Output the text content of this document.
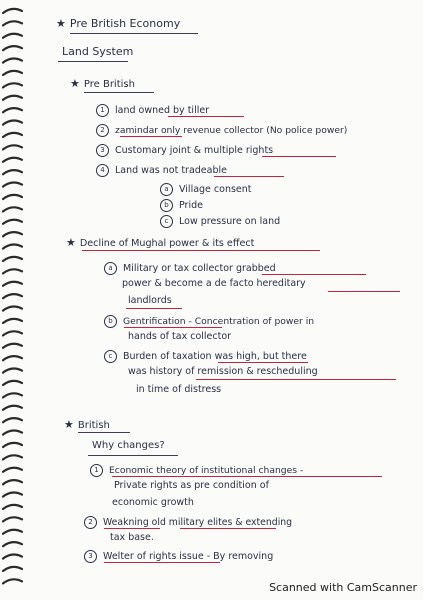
★ Pre British Economy
Land System
★ Pre British
1 land owned by tiller
2 zamindar only revenue collector (No police power)
3 Customary joint & multiple rights
4 Land was not tradeable
a Village consent
b Pride
c Low pressure on land
★ Decline of Mughal power & its effect
a Military or tax collector grabbed
power & become a de facto hereditary
landlords
b Gentrification - Concentration of power in
hands of tax collector
c Burden of taxation was high, but there
was history of remission & rescheduling
in time of distress
★ British
Why changes?
1 Economic theory of institutional changes -
Private rights as pre condition of
economic growth
2 Weakning old military elites & extending
tax base.
3 Welter of rights issue - By removing
Scanned with CamScanner
